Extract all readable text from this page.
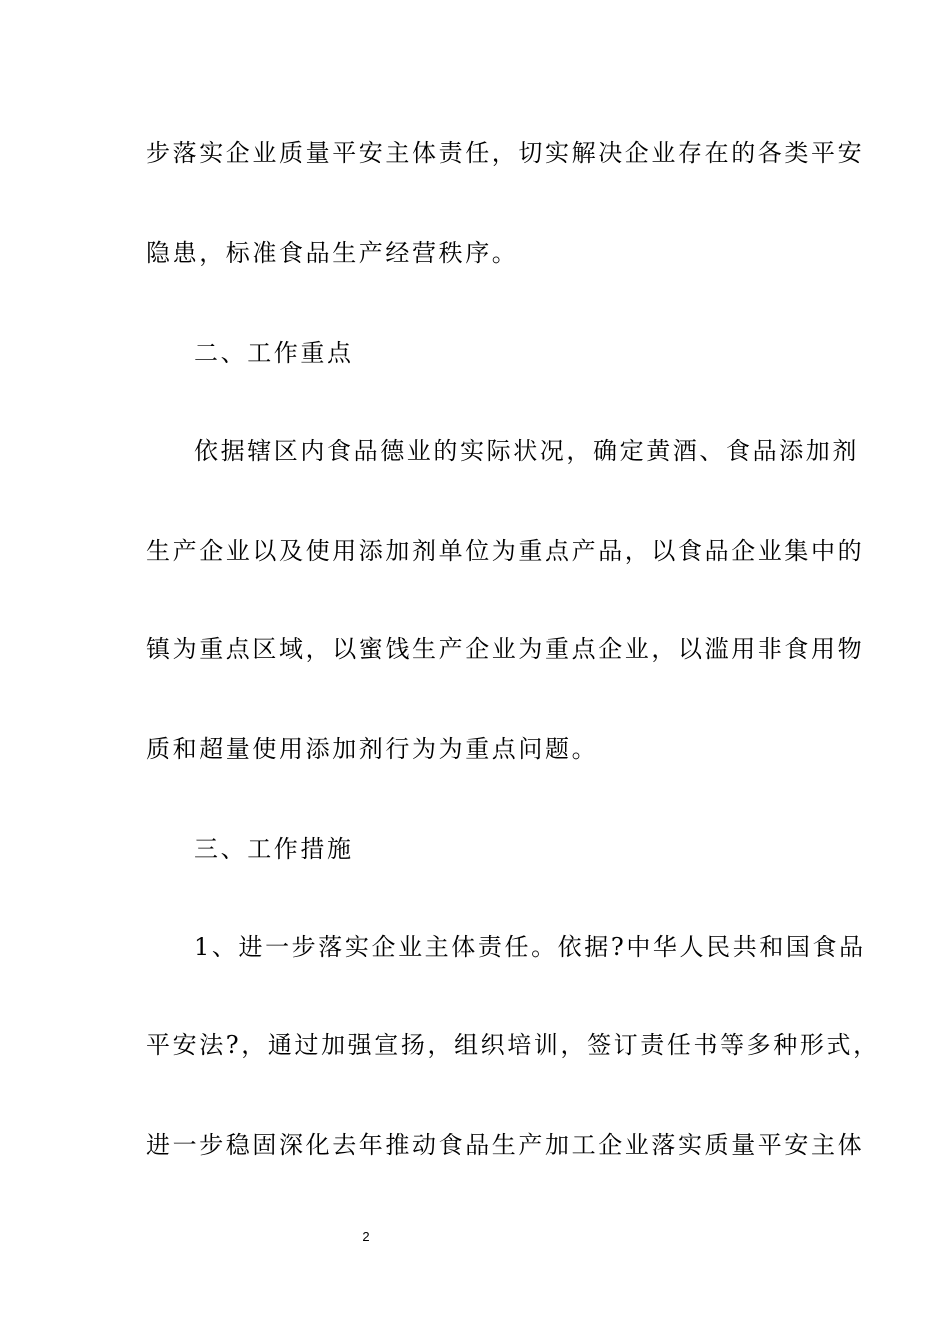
步落实企业质量平安主体责任，切实解决企业存在的各类平安
隐患，标准食品生产经营秩序。
二、工作重点
依据辖区内食品德业的实际状况，确定黄酒、食品添加剂
生产企业以及使用添加剂单位为重点产品，以食品企业集中的
镇为重点区域，以蜜饯生产企业为重点企业，以滥用非食用物
质和超量使用添加剂行为为重点问题。
三、工作措施
1、进一步落实企业主体责任。依据?中华人民共和国食品
平安法?，通过加强宣扬，组织培训，签订责任书等多种形式，
进一步稳固深化去年推动食品生产加工企业落实质量平安主体
2
